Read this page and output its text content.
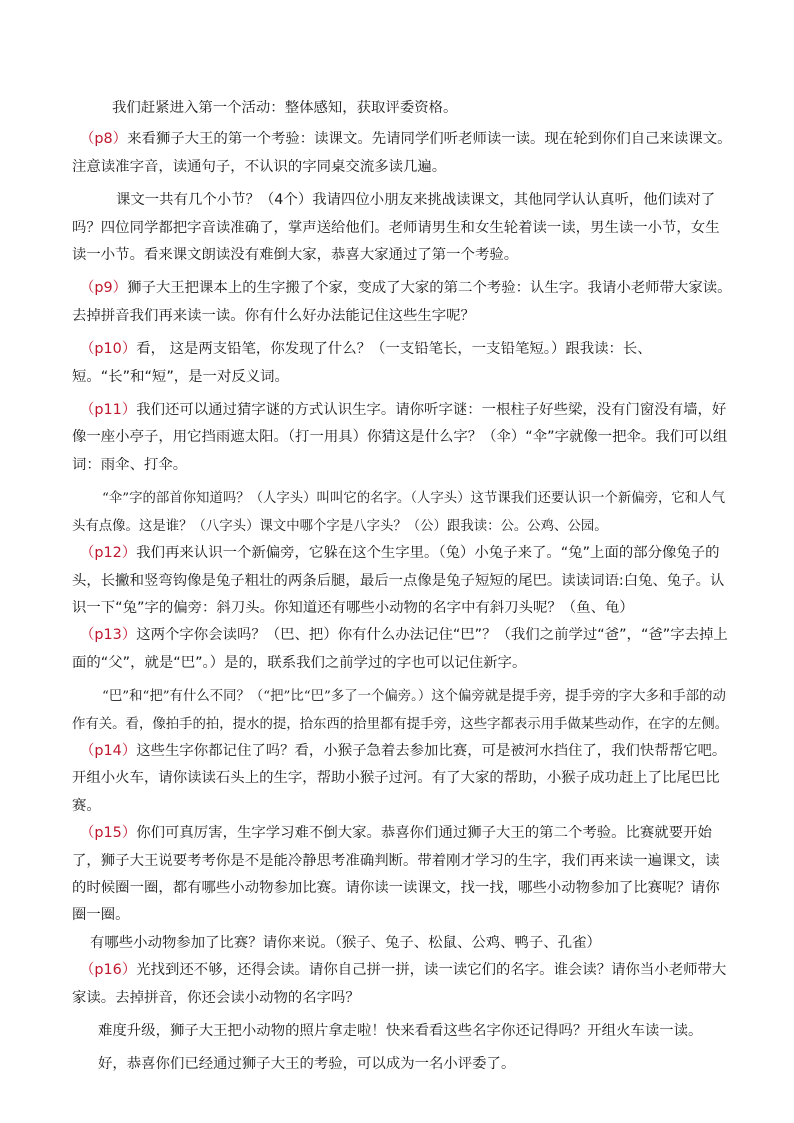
我们赶紧进入第一个活动：整体感知，获取评委资格。

（p8）来看狮子大王的第一个考验：读课文。先请同学们听老师读一读。现在轮到你们自己来读课文。注意读准字音，读通句子，不认识的字同桌交流多读几遍。

课文一共有几个小节？（4个）我请四位小朋友来挑战读课文，其他同学认认真听，他们读对了吗？四位同学都把字音读准确了，掌声送给他们。老师请男生和女生轮着读一读，男生读一小节，女生读一小节。看来课文朗读没有难倒大家，恭喜大家通过了第一个考验。

（p9）狮子大王把课本上的生字搬了个家，变成了大家的第二个考验：认生字。我请小老师带大家读。去掉拼音我们再来读一读。你有什么好办法能记住这些生字呢？

（p10）看， 这是两支铅笔，你发现了什么？（一支铅笔长，一支铅笔短。）跟我读：长、短。“长”和“短”，是一对反义词。

（p11）我们还可以通过猜字谜的方式认识生字。请你听字谜：一根柱子好些梁，没有门窗没有墙，好像一座小亭子，用它挡雨遮太阳。（打一用具）你猜这是什么字？（伞）“伞”字就像一把伞。我们可以组词：雨伞、打伞。

“伞”字的部首你知道吗？（人字头）叫叫它的名字。（人字头）这节课我们还要认识一个新偏旁，它和人气头有点像。这是谁？（八字头）课文中哪个字是八字头？（公）跟我读：公。公鸡、公园。

（p12）我们再来认识一个新偏旁，它躲在这个生字里。（兔）小兔子来了。“兔”上面的部分像兔子的头，长撇和竖弯钩像是兔子粗壮的两条后腿，最后一点像是兔子短短的尾巴。读读词语:白兔、兔子。认识一下“兔”字的偏旁：斜刀头。你知道还有哪些小动物的名字中有斜刀头呢？（鱼、龟）

（p13）这两个字你会读吗？（巴、把）你有什么办法记住“巴”？（我们之前学过“爸”，“爸”字去掉上面的“父”，就是“巴”。）是的，联系我们之前学过的字也可以记住新字。

“巴”和“把”有什么不同？（“把”比“巴”多了一个偏旁。）这个偏旁就是提手旁，提手旁的字大多和手部的动作有关。看，像拍手的拍，提水的提，拾东西的拾里都有提手旁，这些字都表示用手做某些动作，在字的左侧。

（p14）这些生字你都记住了吗？看，小猴子急着去参加比赛，可是被河水挡住了，我们快帮帮它吧。开组小火车，请你读读石头上的生字，帮助小猴子过河。有了大家的帮助，小猴子成功赶上了比尾巴比赛。

（p15）你们可真厉害，生字学习难不倒大家。恭喜你们通过狮子大王的第二个考验。比赛就要开始了，狮子大王说要考考你是不是能冷静思考准确判断。带着刚才学习的生字，我们再来读一遍课文，读的时候圈一圈，都有哪些小动物参加比赛。请你读一读课文，找一找，哪些小动物参加了比赛呢？请你圈一圈。

有哪些小动物参加了比赛？请你来说。（猴子、兔子、松鼠、公鸡、鸭子、孔雀）

（p16）光找到还不够，还得会读。请你自己拼一拼，读一读它们的名字。谁会读？请你当小老师带大家读。去掉拼音，你还会读小动物的名字吗？

难度升级，狮子大王把小动物的照片拿走啦！快来看看这些名字你还记得吗？开组火车读一读。

好，恭喜你们已经通过狮子大王的考验，可以成为一名小评委了。
